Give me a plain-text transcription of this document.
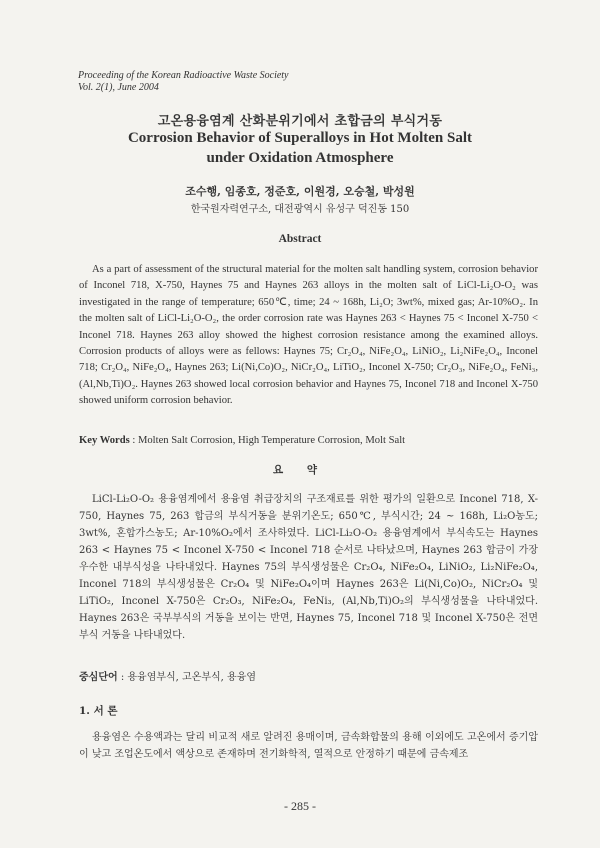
Proceeding of the Korean Radioactive Waste Society
Vol. 2(1), June 2004
고온용융염계 산화분위기에서 초합금의 부식거동
Corrosion Behavior of Superalloys in Hot Molten Salt
under Oxidation Atmosphere
조수행, 임종호, 정준호, 이원경, 오승철, 박성원
한국원자력연구소, 대전광역시 유성구 덕진동 150
Abstract

As a part of assessment of the structural material for the molten salt handling system, corrosion behavior of Inconel 718, X-750, Haynes 75 and Haynes 263 alloys in the molten salt of LiCl-Li₂O-O₂ was investigated in the range of temperature; 650℃, time; 24 ~ 168h, Li₂O; 3wt%, mixed gas; Ar-10%O₂. In the molten salt of LiCl-Li₂O-O₂, the order corrosion rate was Haynes 263 < Haynes 75 < Inconel X-750 < Inconel 718. Haynes 263 alloy showed the highest corrosion resistance among the examined alloys. Corrosion products of alloys were as fellows: Haynes 75; Cr₂O₄, NiFe₂O₄, LiNiO₂, Li₂NiFe₂O₄, Inconel 718; Cr₂O₄, NiFe₂O₄, Haynes 263; Li(Ni,Co)O₂, NiCr₂O₄, LiTiO₂, Inconel X-750; Cr₂O₃, NiFe₂O₄, FeNi₃, (Al,Nb,Ti)O₂. Haynes 263 showed local corrosion behavior and Haynes 75, Inconel 718 and Inconel X-750 showed uniform corrosion behavior.

Key Words : Molten Salt Corrosion, High Temperature Corrosion, Molt Salt
요 약

LiCl-Li₂O-O₂ 용융염계에서 용융염 취급장치의 구조재료를 위한 평가의 일환으로 Inconel 718, X-750, Haynes 75, 263 합금의 부식거동을 분위기온도; 650℃, 부식시간; 24 ~ 168h, Li₂O농도; 3wt%, 혼합가스농도; Ar-10%O₂에서 조사하였다. LiCl-Li₂O-O₂ 용융염계에서 부식속도는 Haynes 263 < Haynes 75 < Inconel X-750 < Inconel 718 순서로 나타났으며, Haynes 263 합금이 가장 우수한 내부식성을 나타내었다. Haynes 75의 부식생성물은 Cr₂O₄, NiFe₂O₄, LiNiO₂, Li₂NiFe₂O₄, Inconel 718의 부식생성물은 Cr₂O₄ 및 NiFe₂O₄이며 Haynes 263은 Li(Ni,Co)O₂, NiCr₂O₄ 및 LiTiO₂, Inconel X-750은 Cr₂O₃, NiFe₂O₄, FeNi₃, (Al,Nb,Ti)O₂의 부식생성물을 나타내었다. Haynes 263은 국부부식의 거동을 보이는 반면, Haynes 75, Inconel 718 및 Inconel X-750은 전면부식 거동을 나타내었다.

중심단어 : 용융염부식, 고온부식, 용융염
1. 서 론

용융염은 수용액과는 달리 비교적 새로 알려진 용매이며, 금속화합물의 용해 이외에도 고온에서 증기압이 낮고 조업온도에서 액상으로 존재하며 전기화학적, 열적으로 안정하기 때문에 금속제조

- 285 -
